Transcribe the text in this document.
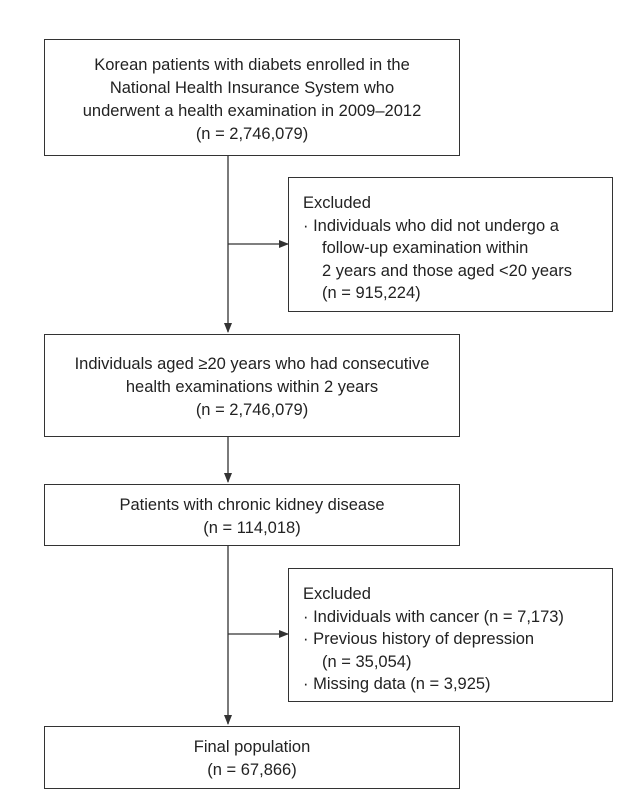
Korean patients with diabets enrolled in the
National Health Insurance System who
underwent a health examination in 2009–2012
(n = 2,746,079)
Excluded
· Individuals who did not undergo a
follow-up examination within
2 years and those aged <20 years
(n = 915,224)
Individuals aged ≥20 years who had consecutive
health examinations within 2 years
(n = 2,746,079)
Patients with chronic kidney disease
(n = 114,018)
Excluded
· Individuals with cancer (n = 7,173)
· Previous history of depression
(n = 35,054)
· Missing data (n = 3,925)
Final population
(n = 67,866)
